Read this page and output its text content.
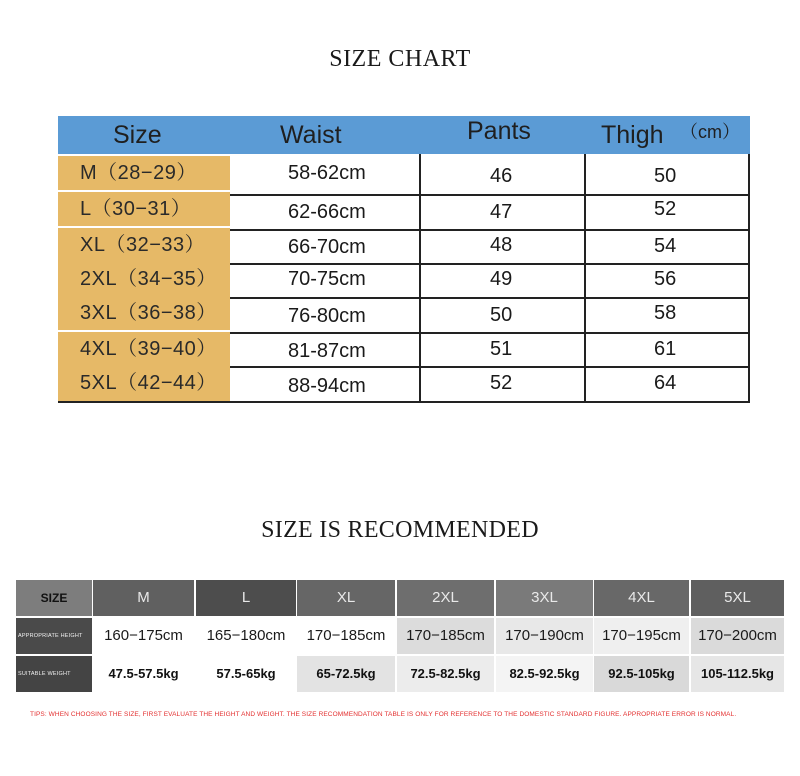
SIZE CHART
Size	Waist	Pants	Thigh （cm）
M（28−29）	58-62cm	46	50
L（30−31）	62-66cm	47	52
XL（32−33）	66-70cm	48	54
2XL（34−35）	70-75cm	49	56
3XL（36−38）	76-80cm	50	58
4XL（39−40）	81-87cm	51	61
5XL（42−44）	88-94cm	52	64
SIZE IS RECOMMENDED
SIZE	M	L	XL	2XL	3XL	4XL	5XL
APPROPRIATE HEIGHT	160−175cm	165−180cm	170−185cm	170−185cm	170−190cm	170−195cm	170−200cm
SUITABLE WEIGHT	47.5-57.5kg	57.5-65kg	65-72.5kg	72.5-82.5kg	82.5-92.5kg	92.5-105kg	105-112.5kg
TIPS: WHEN CHOOSING THE SIZE, FIRST EVALUATE THE HEIGHT AND WEIGHT. THE SIZE RECOMMENDATION TABLE IS ONLY FOR REFERENCE TO THE DOMESTIC STANDARD FIGURE. APPROPRIATE ERROR IS NORMAL.
